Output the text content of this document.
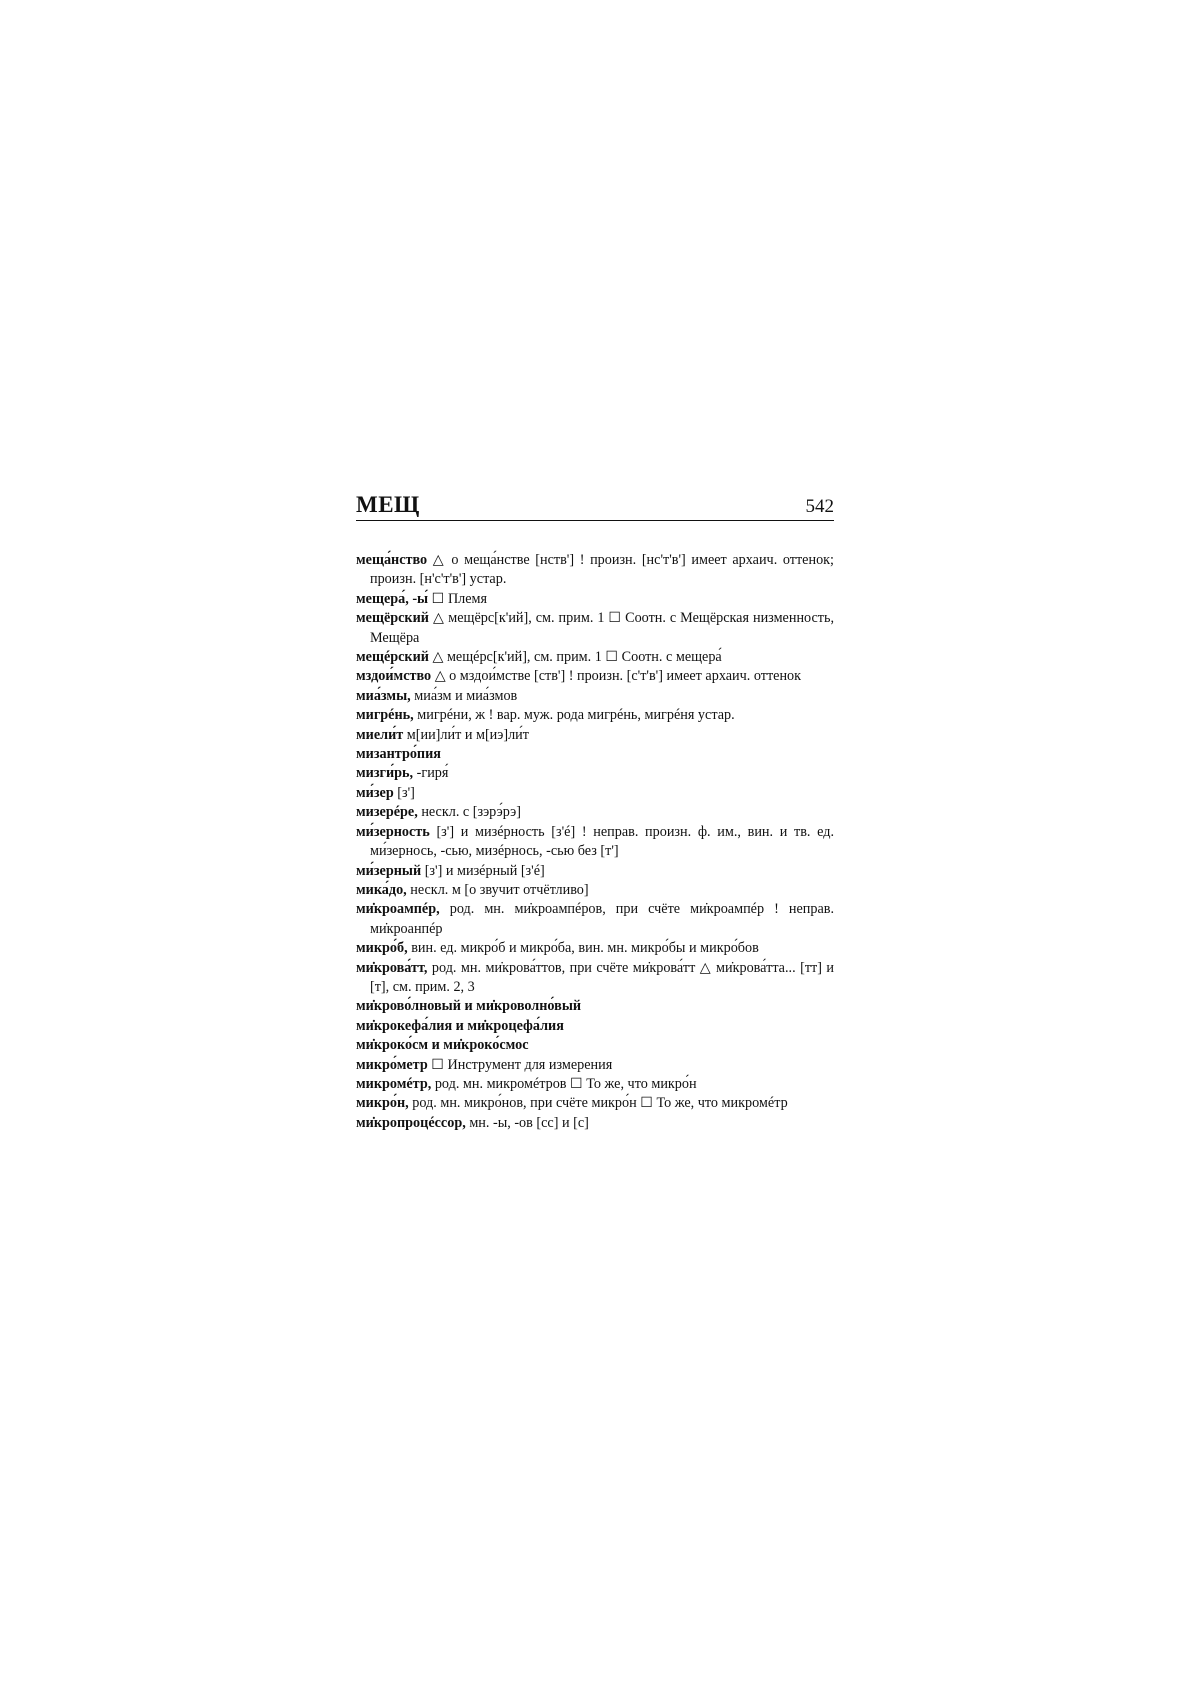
МЕЩ	542

меща́нство △ о меща́нстве [нств'] ! произн. [нс'т'в'] имеет архаич. оттенок; произн. [н'с'т'в'] устар.

мещера́, -ы́ ☐ Племя

мещёрский △ мещёрс[к'ий], см. прим. 1 ☐ Соотн. с Мещёрская низменность, Мещёра

мещéрский △ мещéрс[к'ий], см. прим. 1 ☐ Соотн. с мещера́

мздои́мство △ о мздои́мстве [ств'] ! произн. [с'т'в'] имеет архаич. оттенок

миа́змы, миа́зм и миа́змов

мигрéнь, мигрéни, ж ! вар. муж. рода мигрéнь, мигрéня устар.

миели́т м[ии]ли́т и м[иэ]ли́т

мизантро́пия

мизги́рь, -гиря́

ми́зер [з']

мизерéре, нескл. с [зэрэ́рэ]

ми́зерность [з'] и мизéрность [з'é] ! неправ. произн. ф. им., вин. и тв. ед. ми́зернось, -сью, мизéрнось, -сью без [т']

ми́зерный [з'] и мизéрный [з'é]

мика́до, нескл. м [о звучит отчётливо]

ми̇кроампéр, род. мн. ми̇кроампéров, при счёте ми̇кроампéр ! неправ. ми̇кроанпéр

микро́б, вин. ед. микро́б и микро́ба, вин. мн. микро́бы и микро́бов

ми̇крова́тт, род. мн. ми̇крова́ттов, при счёте ми̇крова́тт △ ми̇крова́тта... [тт] и [т], см. прим. 2, 3

ми̇крово́лновый и ми̇кроволно́вый

ми̇крокефа́лия и ми̇кроцефа́лия

ми̇кроко́см и ми̇кроко́смос

микро́метр ☐ Инструмент для измерения

микромéтр, род. мн. микромéтров ☐ То же, что микро́н

микро́н, род. мн. микро́нов, при счёте микро́н ☐ То же, что микромéтр

ми̇кропроцéссор, мн. -ы, -ов [сс] и [с]
